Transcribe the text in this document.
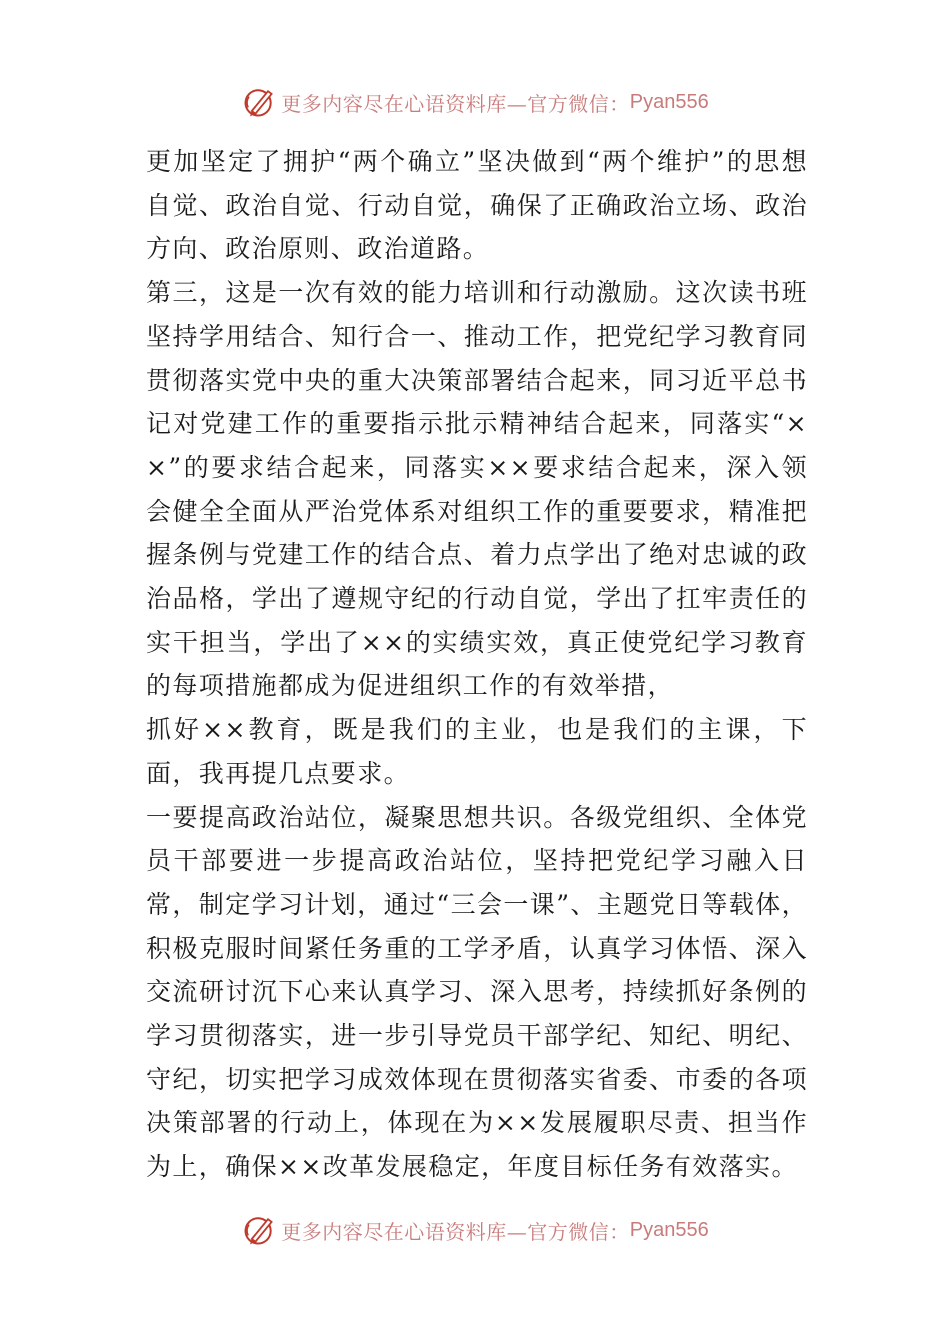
更多内容尽在心语资料库—官方微信： Pyan556

更加坚定了拥护“两个确立”坚决做到“两个维护”的思想自觉、政治自觉、行动自觉，确保了正确政治立场、政治方向、政治原则、政治道路。

第三，这是一次有效的能力培训和行动激励。这次读书班坚持学用结合、知行合一、推动工作，把党纪学习教育同贯彻落实党中央的重大决策部署结合起来，同习近平总书记对党建工作的重要指示批示精神结合起来，同落实“××”的要求结合起来，同落实××要求结合起来，深入领会健全全面从严治党体系对组织工作的重要要求，精准把握条例与党建工作的结合点、着力点学出了绝对忠诚的政治品格，学出了遵规守纪的行动自觉，学出了扛牢责任的实干担当，学出了××的实绩实效，真正使党纪学习教育的每项措施都成为促进组织工作的有效举措，

抓好××教育，既是我们的主业，也是我们的主课，下面，我再提几点要求。

一要提高政治站位，凝聚思想共识。各级党组织、全体党员干部要进一步提高政治站位，坚持把党纪学习融入日常，制定学习计划，通过“三会一课”、主题党日等载体，积极克服时间紧任务重的工学矛盾，认真学习体悟、深入交流研讨沉下心来认真学习、深入思考，持续抓好条例的学习贯彻落实，进一步引导党员干部学纪、知纪、明纪、守纪，切实把学习成效体现在贯彻落实省委、市委的各项决策部署的行动上，体现在为××发展履职尽责、担当作为上，确保××改革发展稳定，年度目标任务有效落实。

更多内容尽在心语资料库—官方微信： Pyan556
